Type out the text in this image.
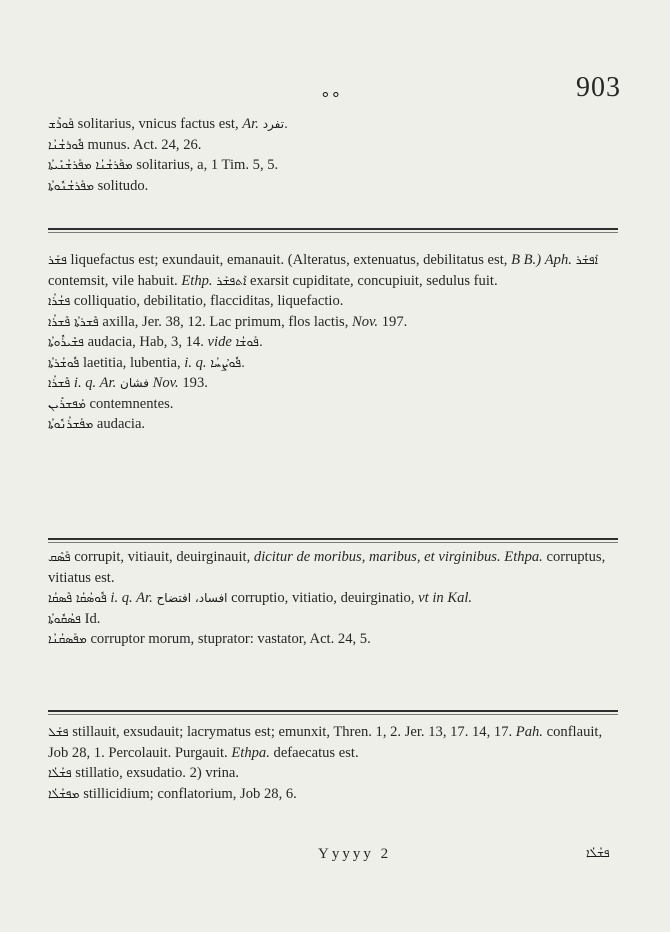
ܘ ܘ	903
ܦܰܘܪܶܫ solitarius, vnicus factus est, Ar. تفرد.
ܦܽܘܪܫܳܢܳܐ munus. Act. 24, 26.
ܡܦܰܪܫܳܢܳܐ ܡܦܰܪܫܳܢܺܝܬܳܐ solitarius, a, 1 Tim. 5, 5.
ܡܦܰܪܫܳܢܽܘܬܳܐ solitudo.
ܦܫܰܪ liquefactus est; exundauit, emanauit. (Alteratus, extenuatus, debilitatus est, B B.) Aph. ܐܰܦܫܰܪ contemsit, vile habuit. Ethp. ܐܶܬܦܫܰܪ exarsit cupiditate, concupiuit, sedulus fuit.
ܦܫܳܪܳܐ colliquatio, debilitatio, flacciditas, liquefactio.
ܦܶܫܪܬܳܐ ܦܶܫܪܳܐ axilla, Jer. 38, 12. Lac primum, flos lactis, Nov. 197.
ܦܫܺܝܪܽܘܬܳܐ audacia, Hab, 3, 14. vide ܦܰܘܫܳܐ.
ܦܽܘܫܳܪܬܳܐ laetitia, lubentia, i. q. ܦܽܘܨܳܚܳܐ.
ܦܶܫܪܳܐ i. q. Ar. فشان Nov. 193.
ܡܰܦܫܪܺܝܢ contemnentes.
ܡܦܰܫܪܳܢܽܘܬܳܐ audacia.
ܦܰܣܶܩ corrupit, vitiauit, deuirginauit, dicitur de moribus, maribus, et virginibus. Ethpa. corruptus, vitiatus est.
ܦܽܘܣܳܩܳܐ ܦܶܣܩܳܐ i. q. Ar. افساد، افتضاح corruptio, vitiatio, deuirginatio, vt in Kal.
ܦܣܳܩܽܘܬܳܐ Id.
ܡܦܰܣܩܳܢܳܐ corruptor morum, stuprator: vastator, Act. 24, 5.
ܦܫܰܠ stillauit, exsudauit; lacrymatus est; emunxit, Thren. 1, 2. Jer. 13, 17. 14, 17. Pah. conflauit, Job 28, 1. Percolauit. Purgauit. Ethpa. defaecatus est.
ܦܫܳܠܳܐ stillatio, exsudatio. 2) vrina.
ܡܦܫܳܠܳܐ stillicidium; conflatorium, Job 28, 6.
Yyyyy 2	ܦܫܳܠܳܐ
